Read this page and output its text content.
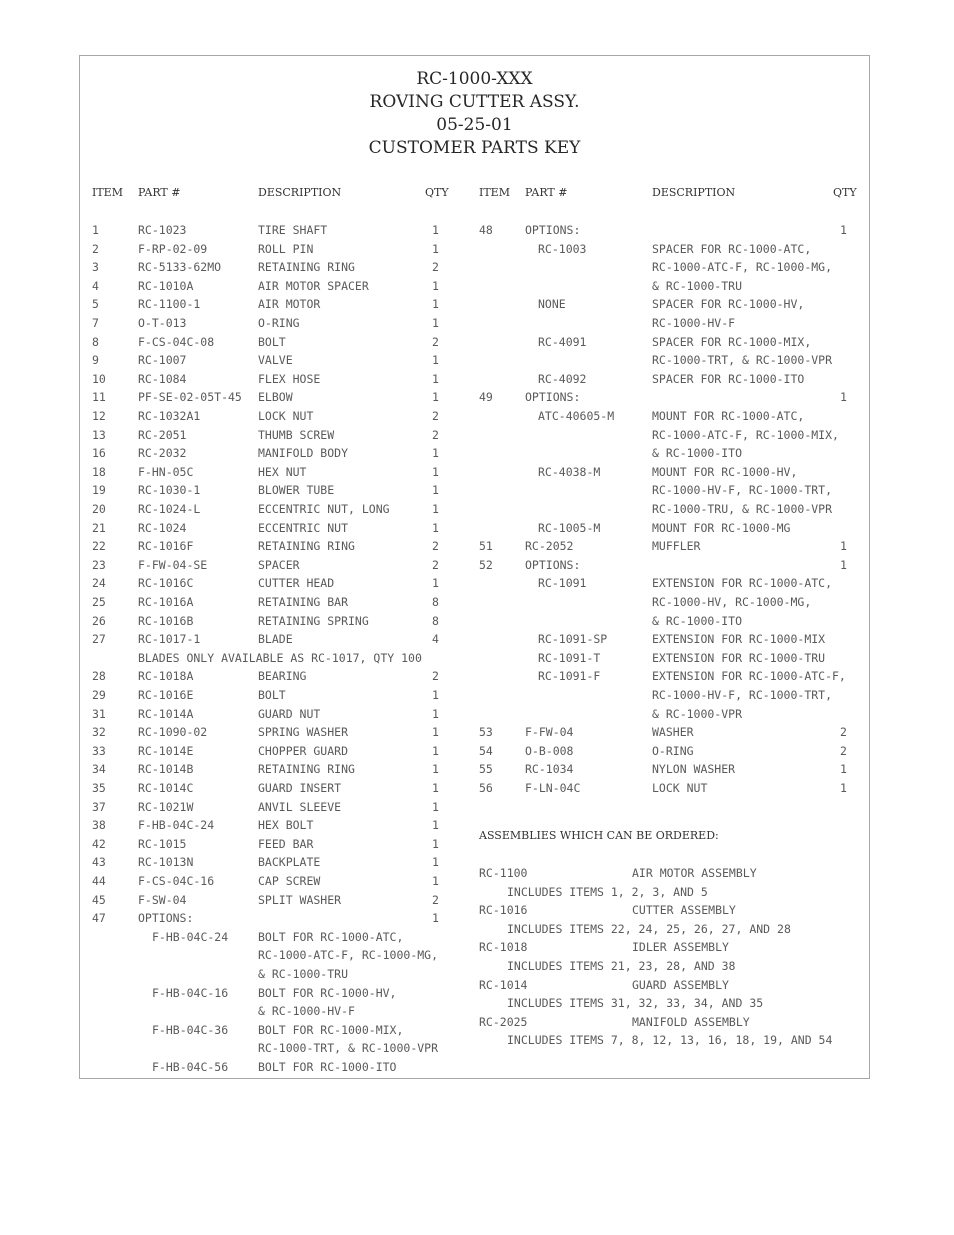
RC-1000-XXX
ROVING CUTTER ASSY.
05-25-01
CUSTOMER PARTS KEY
ITEM PART #	DESCRIPTION	QTY	ITEM PART #	DESCRIPTION	QTY
1	RC-1023	TIRE SHAFT	1
2	F-RP-02-09	ROLL PIN	1
3	RC-5133-62MO	RETAINING RING	2
4	RC-1010A	AIR MOTOR SPACER	1
5	RC-1100-1	AIR MOTOR	1
7	O-T-013	O-RING	1
8	F-CS-04C-08	BOLT	2
9	RC-1007	VALVE	1
10	RC-1084	FLEX HOSE	1
11	PF-SE-02-05T-45 ELBOW	1
12	RC-1032A1	LOCK NUT	2
13	RC-2051	THUMB SCREW	2
16	RC-2032	MANIFOLD BODY	1
18	F-HN-05C	HEX NUT	1
19	RC-1030-1	BLOWER TUBE	1
20	RC-1024-L	ECCENTRIC NUT, LONG	1
21	RC-1024	ECCENTRIC NUT	1
22	RC-1016F	RETAINING RING	2
23	F-FW-04-SE	SPACER	2
24	RC-1016C	CUTTER HEAD	1
25	RC-1016A	RETAINING BAR	8
26	RC-1016B	RETAINING SPRING	8
27	RC-1017-1	BLADE	4
BLADES ONLY AVAILABLE AS RC-1017, QTY 100
28	RC-1018A	BEARING	2
29	RC-1016E	BOLT	1
31	RC-1014A	GUARD NUT	1
32	RC-1090-02	SPRING WASHER	1
33	RC-1014E	CHOPPER GUARD	1
34	RC-1014B	RETAINING RING	1
35	RC-1014C	GUARD INSERT	1
37	RC-1021W	ANVIL SLEEVE	1
38	F-HB-04C-24	HEX BOLT	1
42	RC-1015	FEED BAR	1
43	RC-1013N	BACKPLATE	1
44	F-CS-04C-16	CAP SCREW	1
45	F-SW-04	SPLIT WASHER	2
47	OPTIONS:	1
F-HB-04C-24	BOLT FOR RC-1000-ATC,
RC-1000-ATC-F, RC-1000-MG,
& RC-1000-TRU
F-HB-04C-16	BOLT FOR RC-1000-HV,
& RC-1000-HV-F
F-HB-04C-36	BOLT FOR RC-1000-MIX,
RC-1000-TRT, & RC-1000-VPR
F-HB-04C-56	BOLT FOR RC-1000-ITO
48	OPTIONS:	1
RC-1003	SPACER FOR RC-1000-ATC,
RC-1000-ATC-F, RC-1000-MG,
& RC-1000-TRU
NONE	SPACER FOR RC-1000-HV,
RC-1000-HV-F
RC-4091	SPACER FOR RC-1000-MIX,
RC-1000-TRT, & RC-1000-VPR
RC-4092	SPACER FOR RC-1000-ITO
49	OPTIONS:	1
ATC-40605-M	MOUNT FOR RC-1000-ATC,
RC-1000-ATC-F, RC-1000-MIX,
& RC-1000-ITO
RC-4038-M	MOUNT FOR RC-1000-HV,
RC-1000-HV-F, RC-1000-TRT,
RC-1000-TRU, & RC-1000-VPR
RC-1005-M	MOUNT FOR RC-1000-MG
51	RC-2052	MUFFLER	1
52	OPTIONS:	1
RC-1091	EXTENSION FOR RC-1000-ATC,
RC-1000-HV, RC-1000-MG,
& RC-1000-ITO
RC-1091-SP	EXTENSION FOR RC-1000-MIX
RC-1091-T	EXTENSION FOR RC-1000-TRU
RC-1091-F	EXTENSION FOR RC-1000-ATC-F,
RC-1000-HV-F, RC-1000-TRT,
& RC-1000-VPR
53	F-FW-04	WASHER	2
54	O-B-008	O-RING	2
55	RC-1034	NYLON WASHER	1
56	F-LN-04C	LOCK NUT	1
ASSEMBLIES WHICH CAN BE ORDERED:
RC-1100	AIR MOTOR ASSEMBLY
INCLUDES ITEMS 1, 2, 3, AND 5
RC-1016	CUTTER ASSEMBLY
INCLUDES ITEMS 22, 24, 25, 26, 27, AND 28
RC-1018	IDLER ASSEMBLY
INCLUDES ITEMS 21, 23, 28, AND 38
RC-1014	GUARD ASSEMBLY
INCLUDES ITEMS 31, 32, 33, 34, AND 35
RC-2025	MANIFOLD ASSEMBLY
INCLUDES ITEMS 7, 8, 12, 13, 16, 18, 19, AND 54
